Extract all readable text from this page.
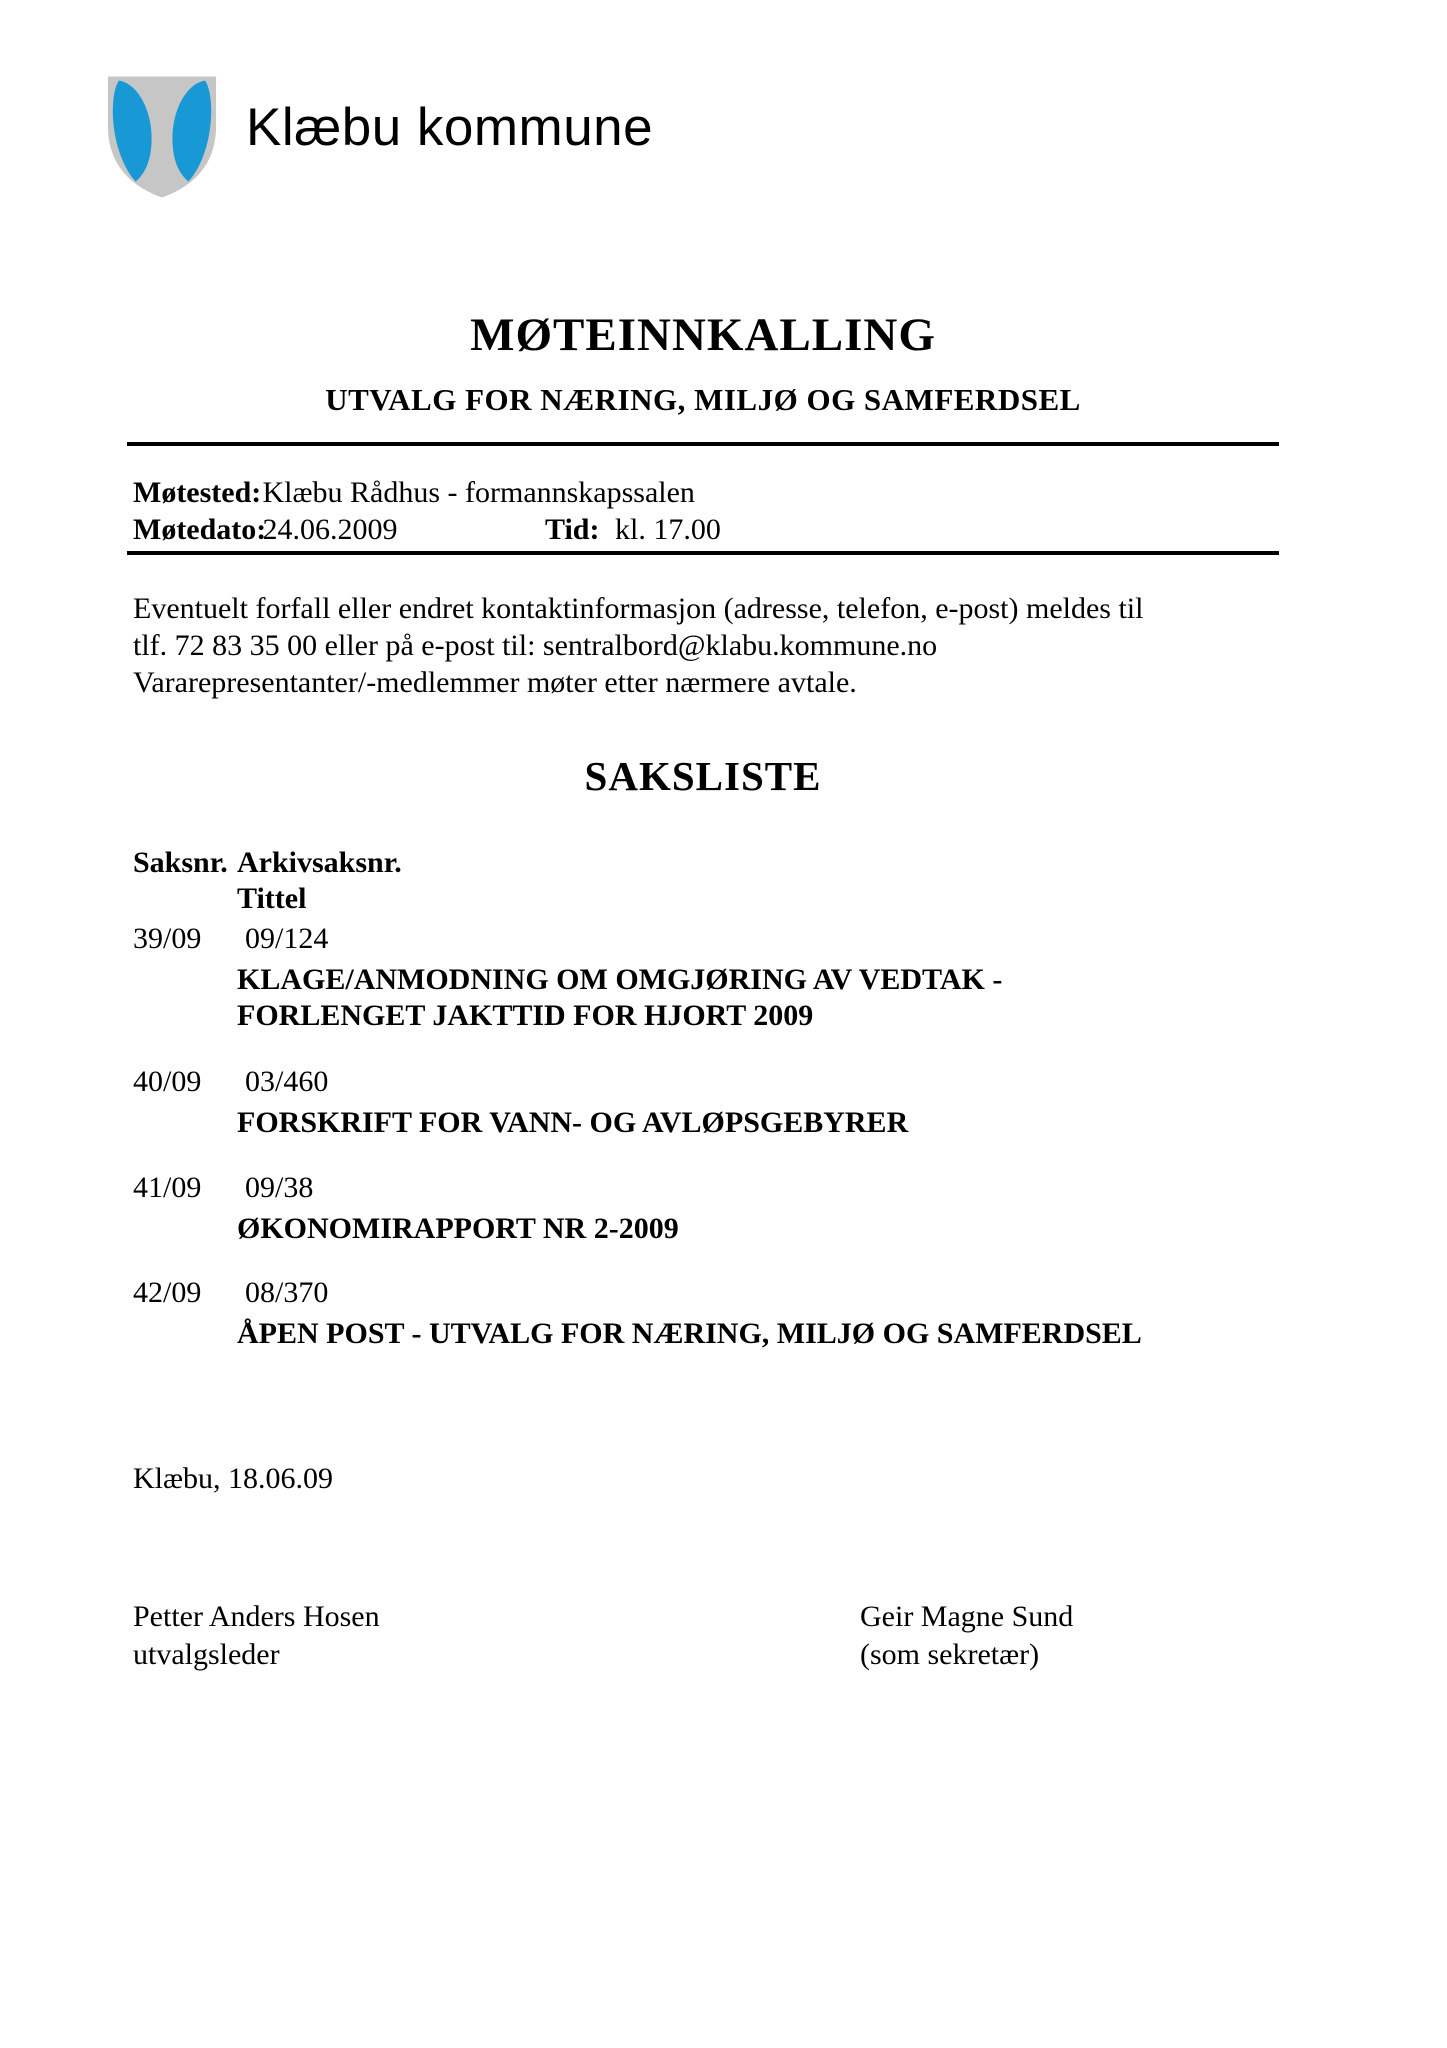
Klæbu kommune
MØTEINNKALLING
UTVALG FOR NÆRING, MILJØ OG SAMFERDSEL
Møtested: Klæbu Rådhus - formannskapssalen
Møtedato: 24.06.2009	Tid: kl. 17.00
Eventuelt forfall eller endret kontaktinformasjon (adresse, telefon, e-post) meldes til
tlf. 72 83 35 00 eller på e-post til: sentralbord@klabu.kommune.no
Vararepresentanter/-medlemmer møter etter nærmere avtale.
SAKSLISTE
Saksnr. Arkivsaksnr.
Tittel
39/09	09/124
KLAGE/ANMODNING OM OMGJØRING AV VEDTAK - FORLENGET JAKTTID FOR HJORT 2009
40/09	03/460
FORSKRIFT FOR VANN- OG AVLØPSGEBYRER
41/09	09/38
ØKONOMIRAPPORT NR 2-2009
42/09	08/370
ÅPEN POST - UTVALG FOR NÆRING, MILJØ OG SAMFERDSEL
Klæbu, 18.06.09
Petter Anders Hosen
utvalgsleder
Geir Magne Sund
(som sekretær)
